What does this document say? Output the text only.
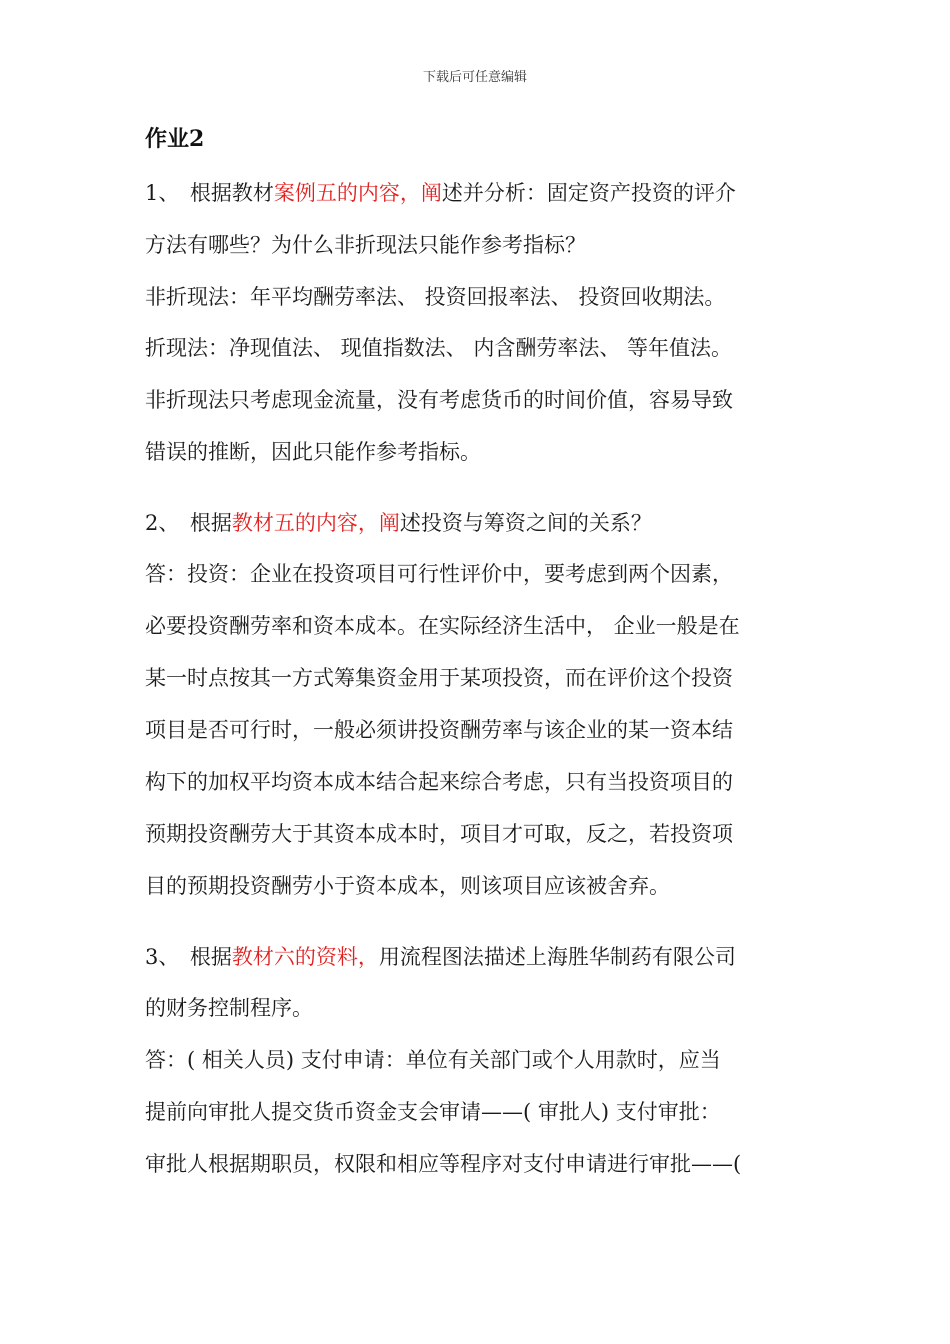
下载后可任意编辑
作业2
1、　根据教材案例五的内容，阐述并分析：固定资产投资的评介
方法有哪些？为什么非折现法只能作参考指标？
非折现法：年平均酬劳率法、 投资回报率法、 投资回收期法。
折现法：净现值法、 现值指数法、 内含酬劳率法、 等年值法。
非折现法只考虑现金流量，没有考虑货币的时间价值，容易导致
错误的推断，因此只能作参考指标。
2、　根据教材五的内容，阐述投资与筹资之间的关系？
答：投资：企业在投资项目可行性评价中，要考虑到两个因素，
必要投资酬劳率和资本成本。在实际经济生活中， 企业一般是在
某一时点按其一方式筹集资金用于某项投资，而在评价这个投资
项目是否可行时，一般必须讲投资酬劳率与该企业的某一资本结
构下的加权平均资本成本结合起来综合考虑，只有当投资项目的
预期投资酬劳大于其资本成本时，项目才可取，反之，若投资项
目的预期投资酬劳小于资本成本，则该项目应该被舍弃。
3、　根据教材六的资料，用流程图法描述上海胜华制药有限公司
的财务控制程序。
答：( 相关人员) 支付申请：单位有关部门或个人用款时，应当
提前向审批人提交货币资金支会审请——( 审批人) 支付审批：
审批人根据期职员，权限和相应等程序对支付申请进行审批——(
